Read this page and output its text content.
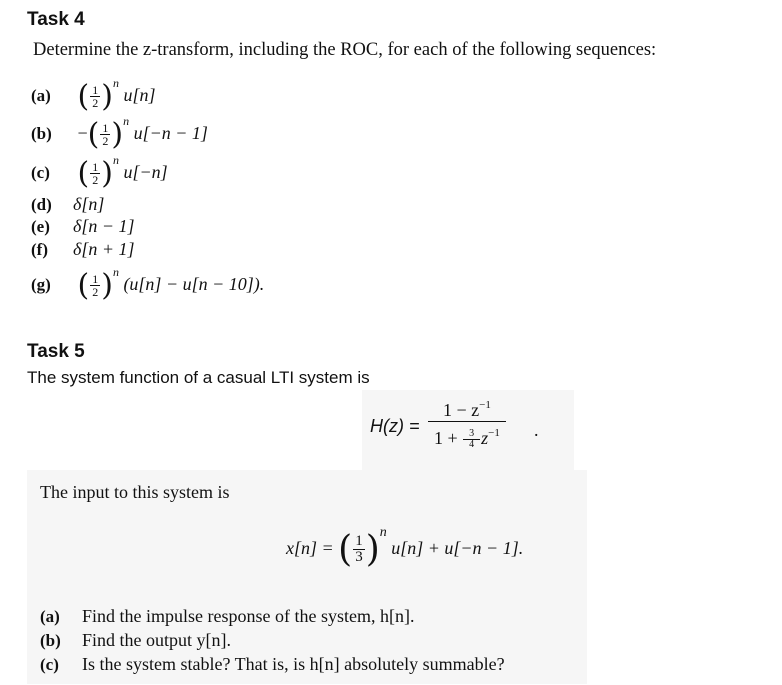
Task 4
Determine the z-transform, including the ROC, for each of the following sequences:
(a) ( $\frac{1}{2} )^n$ u[n]
(b) −( $\frac{1}{2} )^n$ u[−n − 1]
(c) ( $\frac{1}{2} )^n$ u[−n]
(d) δ[n]
(e) δ[n − 1]
(f) δ[n + 1]
(g) ( $\frac{1}{2} )^n$ (u[n] − u[n − 10]).
Task 5
The system function of a casual LTI system is
$H(z) = \frac{1 - z^{-1}}{1 + \frac{3}{4} z^{-1}}$ .
The input to this system is
x[n] = ( $\frac{1}{3} )^n$ u[n] + u[−n − 1].
(a) Find the impulse response of the system, h[n].
(b) Find the output y[n].
(c) Is the system stable? That is, is h[n] absolutely summable?
